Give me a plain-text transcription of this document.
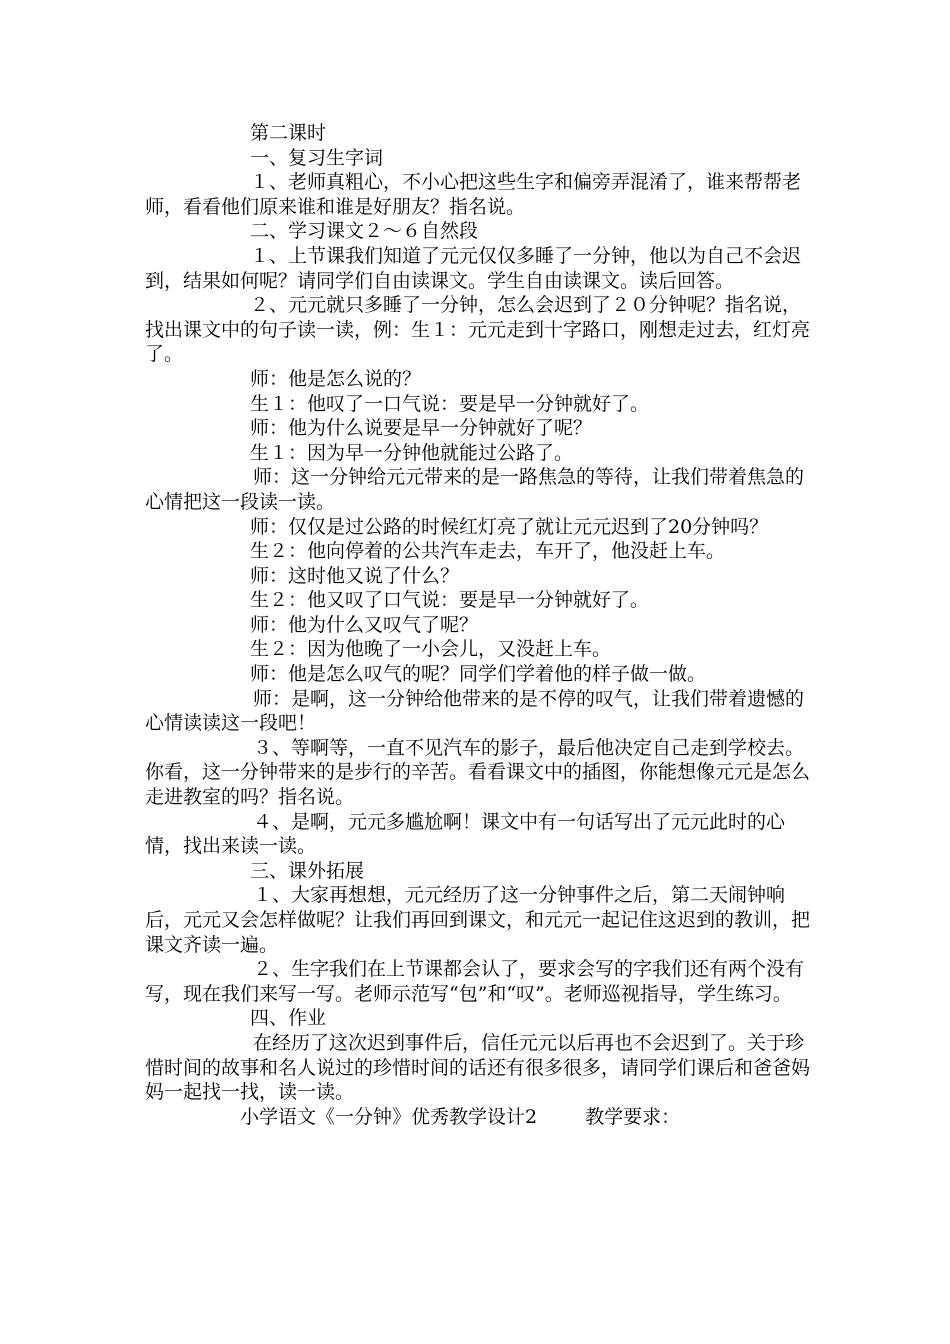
第二课时

一、复习生字词

１、老师真粗心，不小心把这些生字和偏旁弄混淆了，谁来帮帮老师，看看他们原来谁和谁是好朋友？指名说。

二、学习课文２～６自然段

１、上节课我们知道了元元仅仅多睡了一分钟，他以为自己不会迟到，结果如何呢？请同学们自由读课文。学生自由读课文。读后回答。

２、元元就只多睡了一分钟，怎么会迟到了２０分钟呢？指名说，找出课文中的句子读一读，例：生１：元元走到十字路口，刚想走过去，红灯亮了。

师：他是怎么说的？

生１：他叹了一口气说：要是早一分钟就好了。

师：他为什么说要是早一分钟就好了呢？

生１：因为早一分钟他就能过公路了。

师：这一分钟给元元带来的是一路焦急的等待，让我们带着焦急的心情把这一段读一读。

师：仅仅是过公路的时候红灯亮了就让元元迟到了20分钟吗？

生２：他向停着的公共汽车走去，车开了，他没赶上车。

师：这时他又说了什么？

生２：他又叹了口气说：要是早一分钟就好了。

师：他为什么又叹气了呢？

生２：因为他晚了一小会儿，又没赶上车。

师：他是怎么叹气的呢？同学们学着他的样子做一做。

师：是啊，这一分钟给他带来的是不停的叹气，让我们带着遗憾的心情读读这一段吧！

３、等啊等，一直不见汽车的影子，最后他决定自己走到学校去。你看，这一分钟带来的是步行的辛苦。看看课文中的插图，你能想像元元是怎么走进教室的吗？指名说。

４、是啊，元元多尴尬啊！课文中有一句话写出了元元此时的心情，找出来读一读。

三、课外拓展

１、大家再想想，元元经历了这一分钟事件之后，第二天闹钟响后，元元又会怎样做呢？让我们再回到课文，和元元一起记住这迟到的教训，把课文齐读一遍。

２、生字我们在上节课都会认了，要求会写的字我们还有两个没有写，现在我们来写一写。老师示范写“包”和“叹”。老师巡视指导，学生练习。

四、作业

在经历了这次迟到事件后，信任元元以后再也不会迟到了。关于珍惜时间的故事和名人说过的珍惜时间的话还有很多很多，请同学们课后和爸爸妈妈一起找一找，读一读。

小学语文《一分钟》优秀教学设计2	教学要求：
